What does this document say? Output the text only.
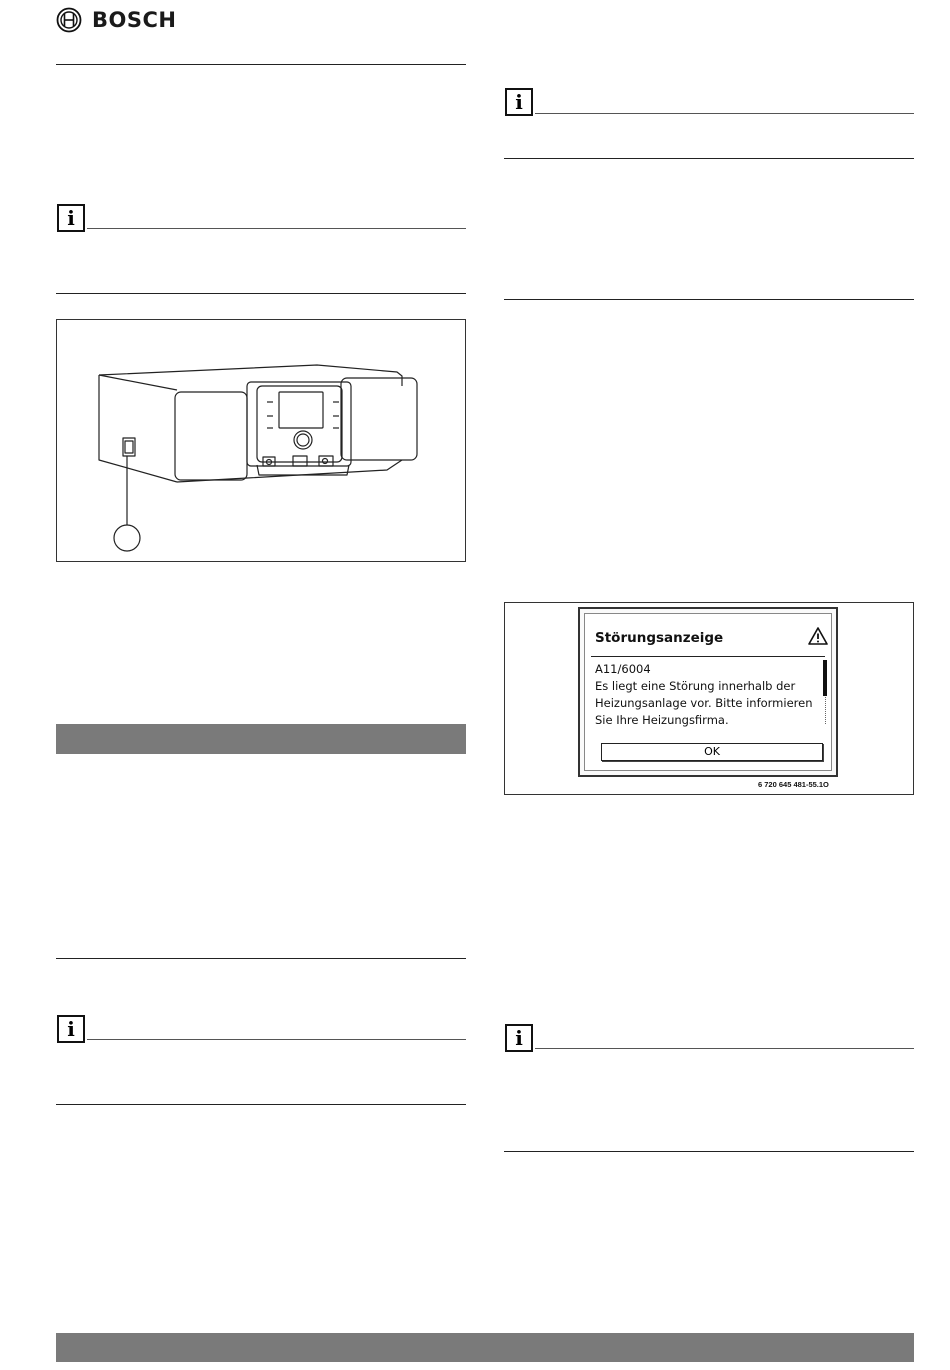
BOSCH
i
i
i
Störungsanzeige
A11/6004
Es liegt eine Störung innerhalb der Heizungsanlage vor. Bitte informieren Sie Ihre Heizungsfirma.
OK
6 720 645 481-55.1O
i
